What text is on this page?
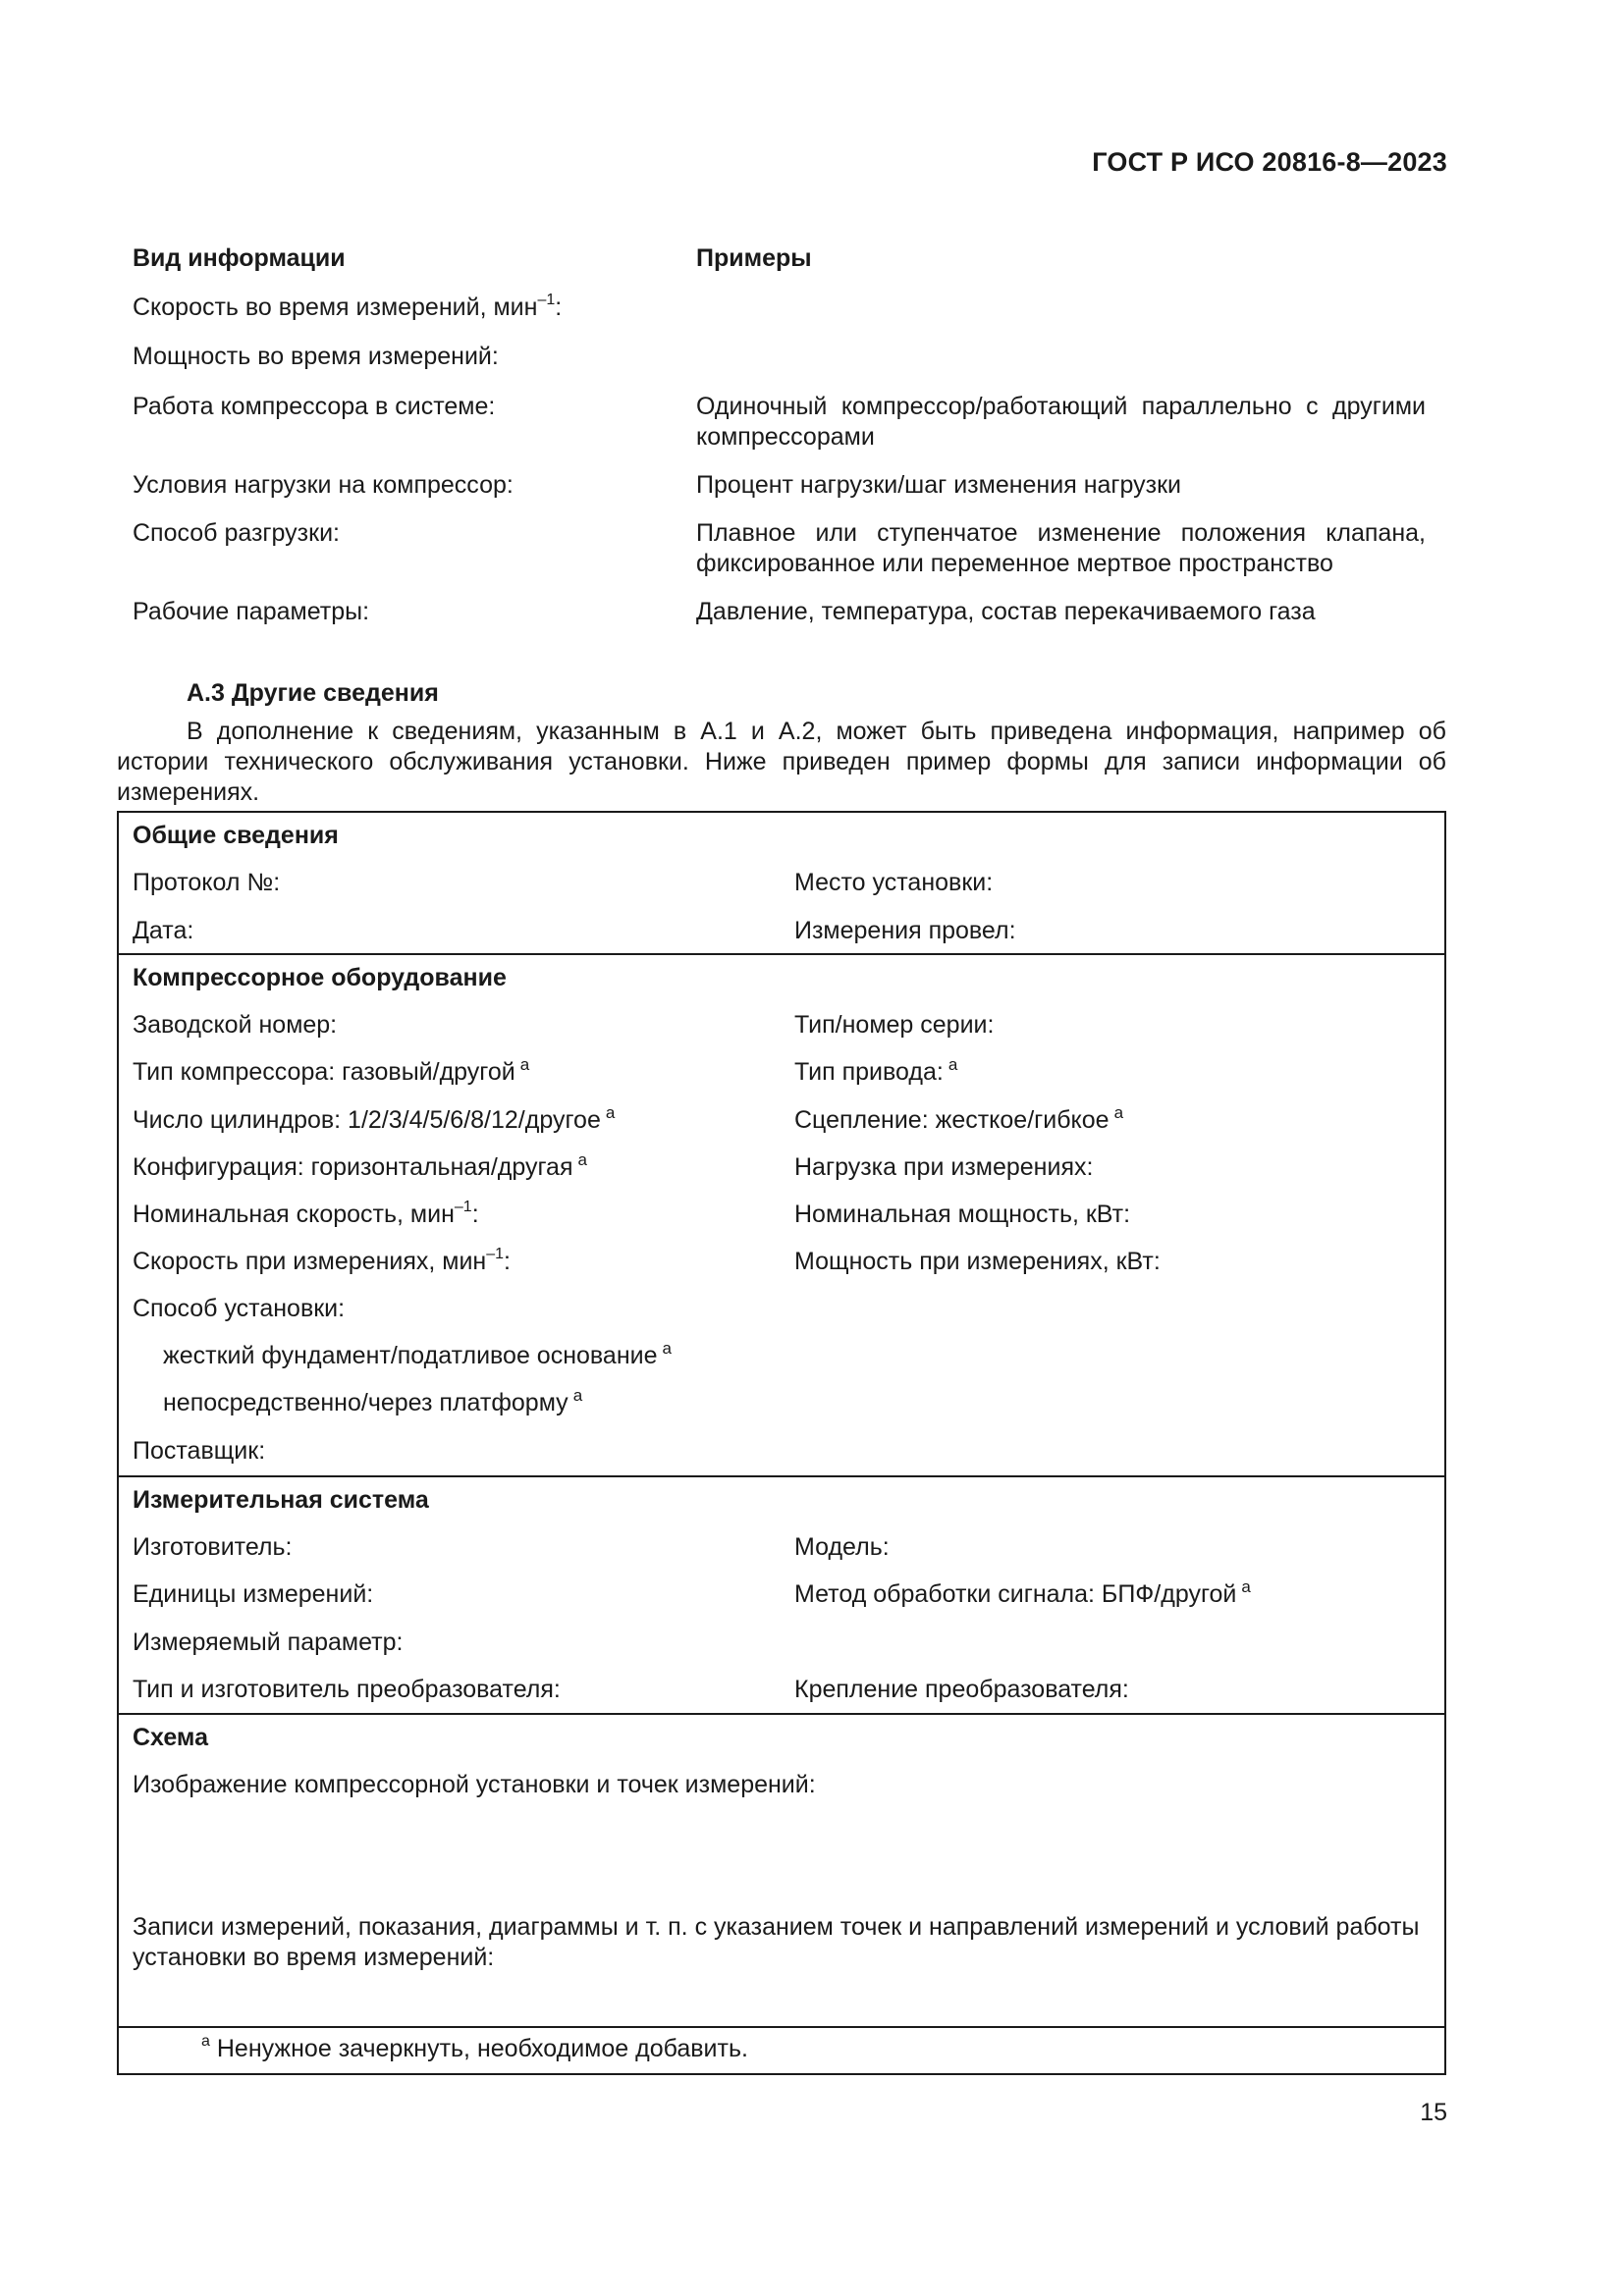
ГОСТ Р ИСО 20816-8—2023
Вид информации	Примеры
Скорость во время измерений, мин$^{-1}$:
Мощность во время измерений:
Работа компрессора в системе:	Одиночный компрессор/работающий параллельно с другими компрессорами
Условия нагрузки на компрессор:	Процент нагрузки/шаг изменения нагрузки
Способ разгрузки:	Плавное или ступенчатое изменение положения клапана, фиксированное или переменное мертвое пространство
Рабочие параметры:	Давление, температура, состав перекачиваемого газа
А.3 Другие сведения
В дополнение к сведениям, указанным в А.1 и А.2, может быть приведена информация, например об истории технического обслуживания установки. Ниже приведен пример формы для записи информации об измерениях.
Общие сведения
Протокол №:	Место установки:
Дата:	Измерения провел:
Компрессорное оборудование
Заводской номер:	Тип/номер серии:
Тип компрессора: газовый/другой $^а$	Тип привода: $^а$
Число цилиндров: 1/2/3/4/5/6/8/12/другое $^а$	Сцепление: жесткое/гибкое $^а$
Конфигурация: горизонтальная/другая $^а$	Нагрузка при измерениях:
Номинальная скорость, мин$^{-1}$:	Номинальная мощность, кВт:
Скорость при измерениях, мин$^{-1}$:	Мощность при измерениях, кВт:
Способ установки:
жесткий фундамент/податливое основание $^а$
непосредственно/через платформу $^а$
Поставщик:
Измерительная система
Изготовитель:	Модель:
Единицы измерений:	Метод обработки сигнала: БПФ/другой $^а$
Измеряемый параметр:
Тип и изготовитель преобразователя:	Крепление преобразователя:
Схема
Изображение компрессорной установки и точек измерений:
Записи измерений, показания, диаграммы и т. п. с указанием точек и направлений измерений и условий работы установки во время измерений:
$^а$ Ненужное зачеркнуть, необходимое добавить.
15
